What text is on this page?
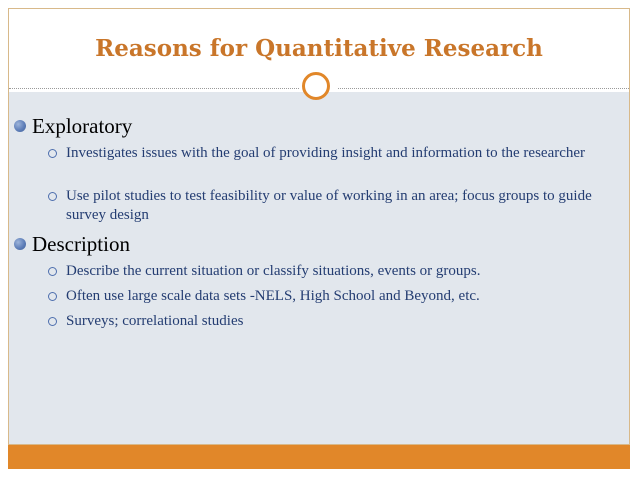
Reasons for Quantitative Research
Exploratory
Investigates issues with the goal of providing insight and information to the researcher
Use pilot studies to test feasibility or value of working in an area; focus groups to guide survey design
Description
Describe the current situation or classify situations, events or groups.
Often use large scale data sets -NELS, High School and Beyond, etc.
Surveys; correlational studies
